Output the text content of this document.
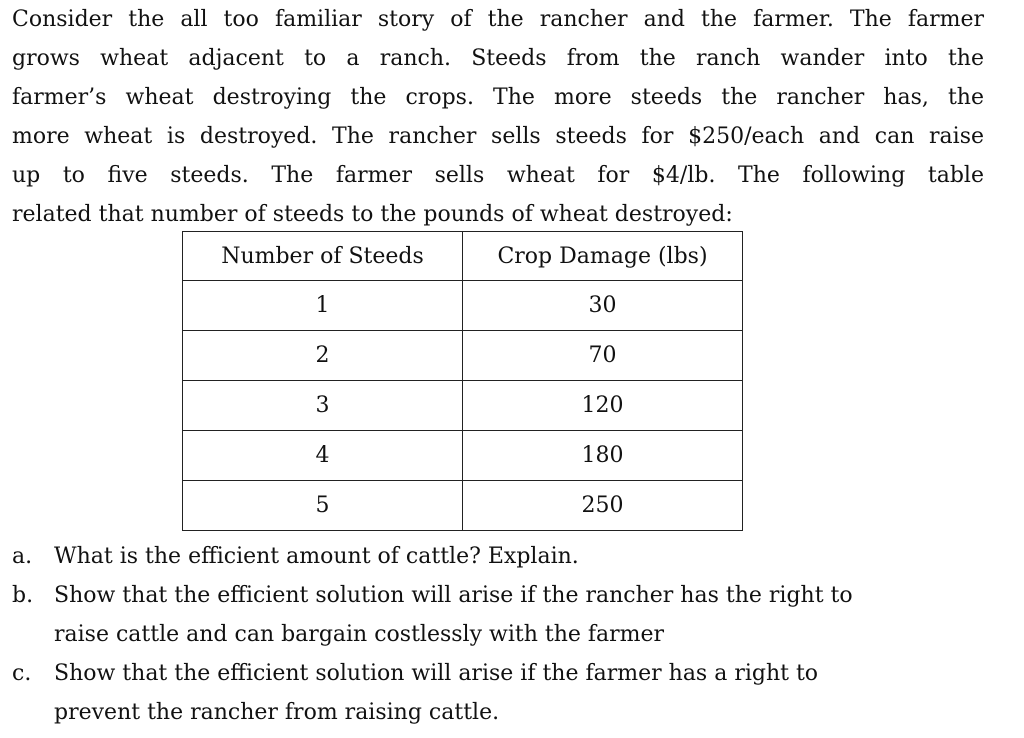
Consider the all too familiar story of the rancher and the farmer. The farmer
grows wheat adjacent to a ranch. Steeds from the ranch wander into the
farmer’s wheat destroying the crops. The more steeds the rancher has, the
more wheat is destroyed. The rancher sells steeds for $250/each and can raise
up to five steeds. The farmer sells wheat for $4/lb. The following table
related that number of steeds to the pounds of wheat destroyed:

Number of Steeds	Crop Damage (lbs)
1	30
2	70
3	120
4	180
5	250
a. What is the efficient amount of cattle? Explain.
b. Show that the efficient solution will arise if the rancher has the right to
raise cattle and can bargain costlessly with the farmer
c. Show that the efficient solution will arise if the farmer has a right to
prevent the rancher from raising cattle.
